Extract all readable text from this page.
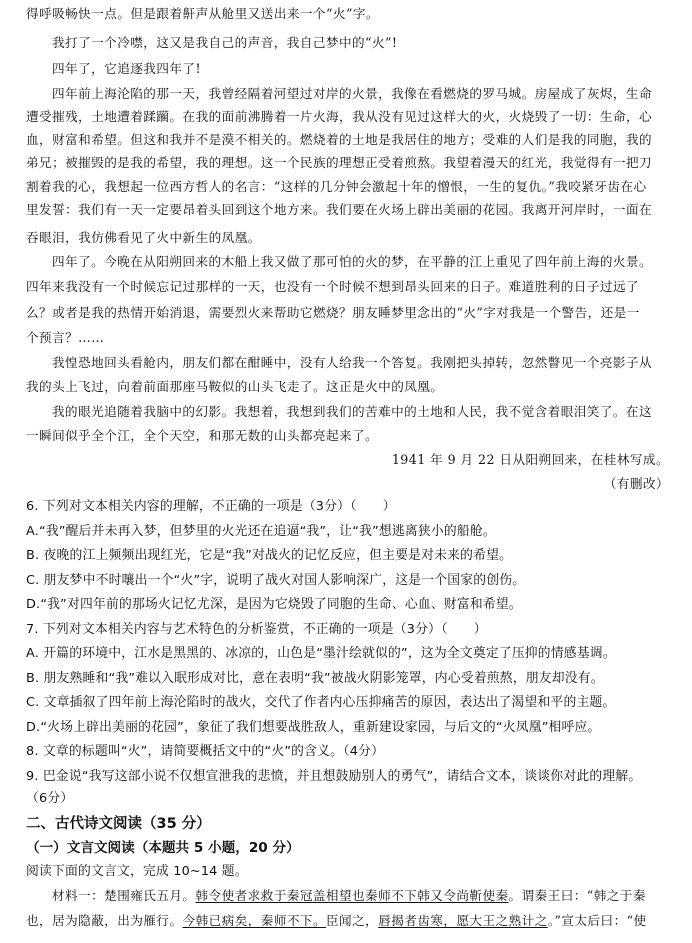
得呼吸畅快一点。但是跟着鼾声从舱里又送出来一个“火”字。
我打了一个冷噤，这又是我自己的声音，我自己梦中的“火”!
四年了，它追逐我四年了!
四年前上海沦陷的那一天，我曾经隔着河望过对岸的火景，我像在看燃烧的罗马城。房屋成了灰烬，生命
遭受摧残，土地遭着蹂躏。在我的面前沸腾着一片火海，我从没有见过这样大的火，火烧毁了一切：生命，心
血，财富和希望。但这和我并不是漠不相关的。燃烧着的土地是我居住的地方；受难的人们是我的同胞，我的
弟兄；被摧毁的是我的希望，我的理想。这一个民族的理想正受着煎熬。我望着漫天的红光，我觉得有一把刀
割着我的心，我想起一位西方哲人的名言：“这样的几分钟会激起十年的憎恨，一生的复仇。”我咬紧牙齿在心
里发誓：我们有一天一定要昂着头回到这个地方来。我们要在火场上辟出美丽的花园。我离开河岸时，一面在
吞眼泪，我仿佛看见了火中新生的凤凰。
四年了。今晚在从阳朔回来的木船上我又做了那可怕的火的梦，在平静的江上重见了四年前上海的火景。
四年来我没有一个时候忘记过那样的一天，也没有一个时候不想到昂头回来的日子。难道胜利的日子过远了
么？或者是我的热情开始消退，需要烈火来帮助它燃烧？朋友睡梦里念出的“火”字对我是一个警告，还是一
个预言？……
我惶恐地回头看舱内，朋友们都在酣睡中，没有人给我一个答复。我刚把头掉转，忽然瞥见一个亮影子从
我的头上飞过，向着前面那座马鞍似的山头飞走了。这正是火中的凤凰。
我的眼光追随着我脑中的幻影。我想着，我想到我们的苦难中的土地和人民，我不觉含着眼泪笑了。在这
一瞬间似乎全个江，全个天空，和那无数的山头都亮起来了。
1941 年 9 月 22 日从阳朔回来，在桂林写成。
（有删改）
6. 下列对文本相关内容的理解，不正确的一项是（3分）（　　）
A.“我”醒后并未再入梦，但梦里的火光还在追逼“我”，让“我”想逃离狭小的船舱。
B. 夜晚的江上频频出现红光，它是“我”对战火的记忆反应，但主要是对未来的希望。
C. 朋友梦中不时嚷出一个“火”字，说明了战火对国人影响深广，这是一个国家的创伤。
D.“我”对四年前的那场火记忆尤深，是因为它烧毁了同胞的生命、心血、财富和希望。
7. 下列对文本相关内容与艺术特色的分析鉴赏，不正确的一项是（3分）（　　）
A. 开篇的环境中，江水是黑黑的、冰凉的，山色是“墨汁绘就似的”，这为全文奠定了压抑的情感基调。
B. 朋友熟睡和“我”难以入眠形成对比，意在表明“我”被战火阴影笼罩，内心受着煎熬，朋友却没有。
C. 文章插叙了四年前上海沦陷时的战火，交代了作者内心压抑痛苦的原因，表达出了渴望和平的主题。
D.“火场上辟出美丽的花园”，象征了我们想要战胜敌人，重新建设家园，与后文的“火凤凰”相呼应。
8. 文章的标题叫“火”，请简要概括文中的“火”的含义。（4分）
9. 巴金说“我写这部小说不仅想宣泄我的悲愤，并且想鼓励别人的勇气”，请结合文本，谈谈你对此的理解。
（6分）
二、古代诗文阅读（35 分）
（一）文言文阅读（本题共 5 小题，20 分）
阅读下面的文言文，完成 10~14 题。
材料一：楚围雍氏五月。韩令使者求救于秦冠盖相望也秦师不下韩又令尚靳使秦。谓秦王曰：“韩之于秦
也，居为隐蔽，出为雁行。今韩已病矣，秦师不下。臣闻之，唇揭者齿寒，愿大王之熟计之。”宣太后曰：“使
